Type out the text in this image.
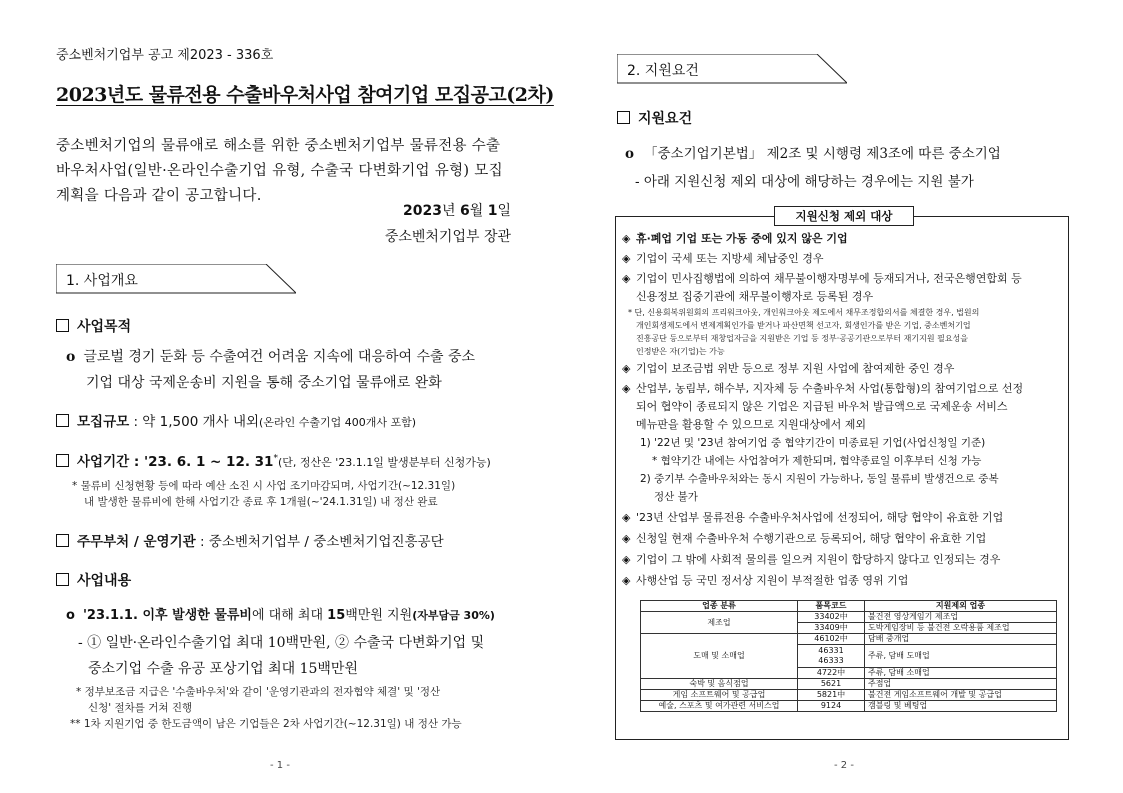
중소벤처기업부 공고 제2023 - 336호
2023년도 물류전용 수출바우처사업 참여기업 모집공고(2차)
중소벤처기업의 물류애로 해소를 위한 중소벤처기업부 물류전용 수출
바우처사업(일반·온라인수출기업 유형, 수출국 다변화기업 유형) 모집
계획을 다음과 같이 공고합니다.
2023년 6월 1일
중소벤처기업부 장관
1. 사업개요
사업목적
o 글로벌 경기 둔화 등 수출여건 어려움 지속에 대응하여 수출 중소
기업 대상 국제운송비 지원을 통해 중소기업 물류애로 완화
모집규모 : 약 1,500 개사 내외(온라인 수출기업 400개사 포함)
사업기간 : '23. 6. 1 ~ 12. 31*(단, 정산은 '23.1.1일 발생분부터 신청가능)
* 물류비 신청현황 등에 따라 예산 소진 시 사업 조기마감되며, 사업기간(~12.31일)
내 발생한 물류비에 한해 사업기간 종료 후 1개월(~'24.1.31일) 내 정산 완료
주무부처 / 운영기관 : 중소벤처기업부 / 중소벤처기업진흥공단
사업내용
o '23.1.1. 이후 발생한 물류비에 대해 최대 15백만원 지원(자부담금 30%)
- ① 일반·온라인수출기업 최대 10백만원, ② 수출국 다변화기업 및
중소기업 수출 유공 포상기업 최대 15백만원
* 정부보조금 지급은 '수출바우처'와 같이 '운영기관과의 전자협약 체결' 및 '정산
신청' 절차를 거쳐 진행
** 1차 지원기업 중 한도금액이 남은 기업들은 2차 사업기간(~12.31일) 내 정산 가능
- 1 -
2. 지원요건
지원요건
o 「중소기업기본법」 제2조 및 시행령 제3조에 따른 중소기업
- 아래 지원신청 제외 대상에 해당하는 경우에는 지원 불가
지원신청 제외 대상
◈ 휴·폐업 기업 또는 가동 중에 있지 않은 기업
◈ 기업이 국세 또는 지방세 체납중인 경우
◈ 기업이 민사집행법에 의하여 채무불이행자명부에 등재되거나, 전국은행연합회 등
신용정보 집중기관에 채무불이행자로 등록된 경우
* 단, 신용회복위원회의 프리워크아웃, 개인워크아웃 제도에서 채무조정합의서를 체결한 경우, 법원의
개인회생제도에서 변제계획인가를 받거나 파산면책 선고자, 회생인가를 받은 기업, 중소벤처기업
진흥공단 등으로부터 재창업자금을 지원받은 기업 등 정부·공공기관으로부터 재기지원 필요성을
인정받은 자(기업)는 가능
◈ 기업이 보조금법 위반 등으로 정부 지원 사업에 참여제한 중인 경우
◈ 산업부, 농림부, 해수부, 지자체 등 수출바우처 사업(통합형)의 참여기업으로 선정
되어 협약이 종료되지 않은 기업은 지급된 바우처 발급액으로 국제운송 서비스
메뉴판을 활용할 수 있으므로 지원대상에서 제외
1) '22년 및 '23년 참여기업 중 협약기간이 미종료된 기업(사업신청일 기준)
* 협약기간 내에는 사업참여가 제한되며, 협약종료일 이후부터 신청 가능
2) 중기부 수출바우처와는 동시 지원이 가능하나, 동일 물류비 발생건으로 중복
정산 불가
◈ '23년 산업부 물류전용 수출바우처사업에 선정되어, 해당 협약이 유효한 기업
◈ 신청일 현재 수출바우처 수행기관으로 등록되어, 해당 협약이 유효한 기업
◈ 기업이 그 밖에 사회적 물의를 일으켜 지원이 합당하지 않다고 인정되는 경우
◈ 사행산업 등 국민 정서상 지원이 부적절한 업종 영위 기업
업종 분류	품목코드	지원제외 업종
제조업	33402中	불건전 영상게임기 제조업
	33409中	도박게임장비 등 불건전 오락용품 제조업
도매 및 소매업	46102中	담배 중개업
	46331
46333	주류, 담배 도매업
	4722中	주류, 담배 소매업
숙박 및 음식점업	5621	주점업
게임 소프트웨어 및 공급업	5821中	불건전 게임소프트웨어 개발 및 공급업
예술, 스포츠 및 여가관련 서비스업	9124	갬블링 및 베팅업
- 2 -
